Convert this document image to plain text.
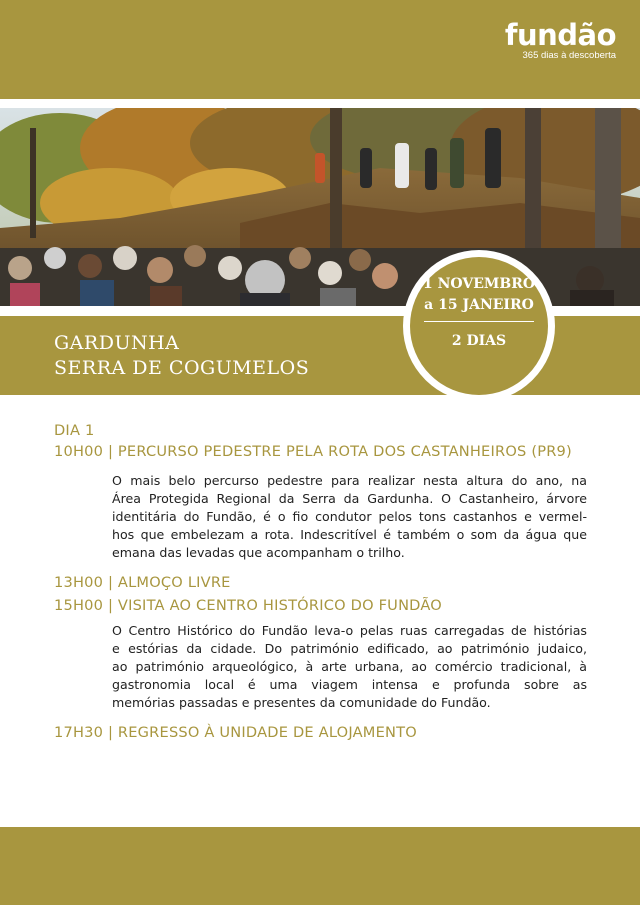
fundão
365 dias à descoberta
GARDUNHA
SERRA DE COGUMELOS
1 NOVEMBRO
a 15 JANEIRO
2 DIAS
DIA 1
10H00 | PERCURSO PEDESTRE PELA ROTA DOS CASTANHEIROS (PR9)
O mais belo percurso pedestre para realizar nesta altura do ano, na
Área Protegida Regional da Serra da Gardunha. O Castanheiro, árvore
identitária do Fundão, é o fio condutor pelos tons castanhos e vermel-
hos que embelezam a rota. Indescritível é também o som da água que
emana das levadas que acompanham o trilho.
13H00 | ALMOÇO LIVRE
15H00 | VISITA AO CENTRO HISTÓRICO DO FUNDÃO
O Centro Histórico do Fundão leva-o pelas ruas carregadas de histórias
e estórias da cidade. Do património edificado, ao património judaico,
ao património arqueológico, à arte urbana, ao comércio tradicional, à
gastronomia local é uma viagem intensa e profunda sobre as
memórias passadas e presentes da comunidade do Fundão.
17H30 | REGRESSO À UNIDADE DE ALOJAMENTO
